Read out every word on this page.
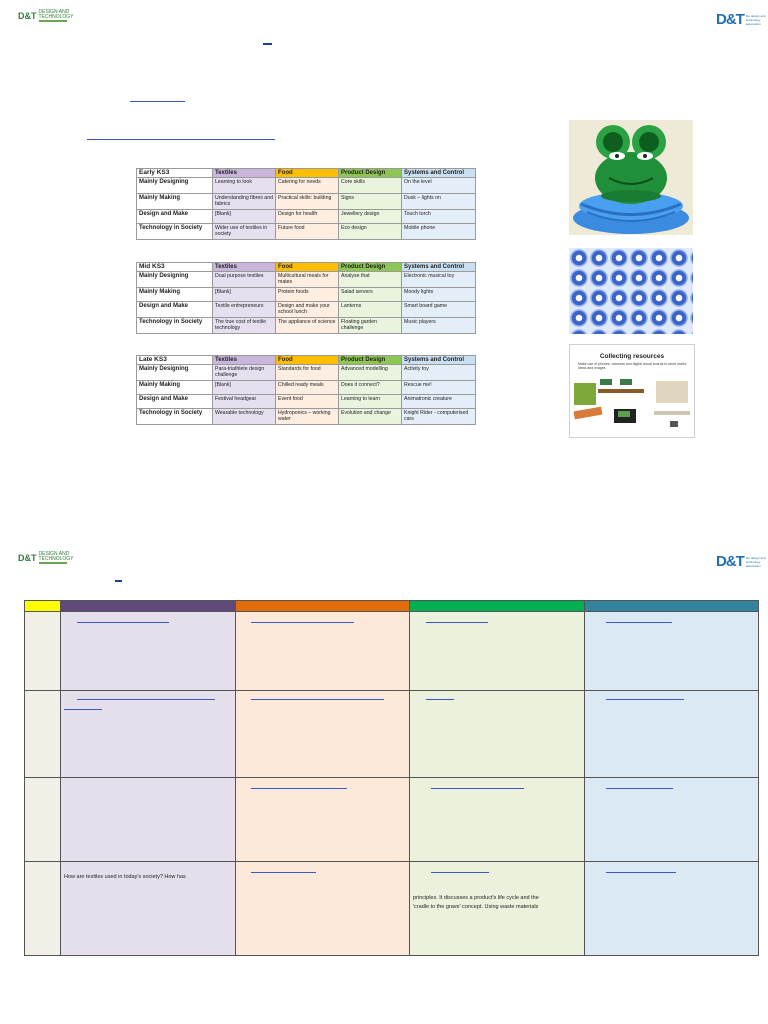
D&T DESIGN AND TECHNOLOGY	D&T the design and technology association
Early KS3	Textiles	Food	Product Design	Systems and Control
Mainly Designing	Learning to look	Catering for needs	Core skills	On the level
Mainly Making	Understanding fibres and fabrics	Practical skills: building	Signs	Dusk – lights on
Design and Make	[Blank]	Design for health	Jewellery design	Touch torch
Technology in Society	Wider use of textiles in society	Future food	Eco design	Mobile phone
Mid KS3	Textiles	Food	Product Design	Systems and Control
Mainly Designing	Dual purpose textiles	Multicultural meals for mates	Analyse that	Electronic musical toy
Mainly Making	[Blank]	Protein foods	Salad servers	Moody lights
Design and Make	Textile entrepreneurs	Design and make your school lunch	Lanterns	Smart board game
Technology in Society	The true cost of textile technology	The appliance of science	Floating garden challenge	Music players
Late KS3	Textiles	Food	Product Design	Systems and Control
Mainly Designing	Para-triathlete design challenge	Standards for food	Advanced modelling	Activity toy
Mainly Making	[Blank]	Chilled ready meals	Does it connect?	Rescue me!
Design and Make	Festival headgear	Event food	Learning to learn	Animatronic creature
Technology in Society	Wearable technology	Hydroponics – working water	Evolution and change	Knight Rider - computerised cars
Collecting resources
Make use of phones, cameras and digital visual boards to store useful ideas and images
D&T DESIGN AND TECHNOLOGY	D&T the design and technology association
How are textiles used in today's society? How has
principles. It discusses a product's life cycle and the
'cradle to the grave' concept. Using waste materials
